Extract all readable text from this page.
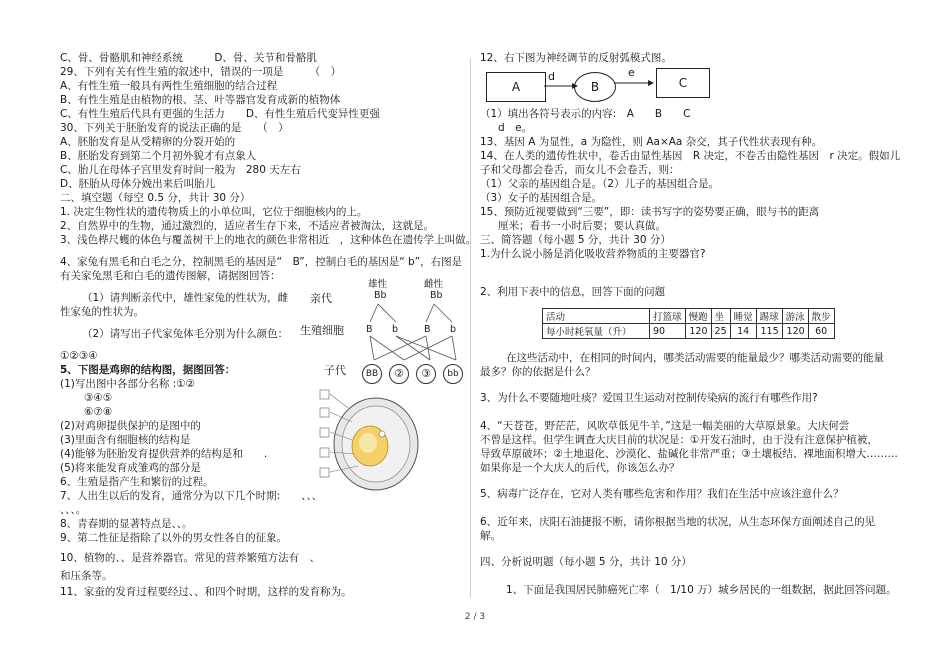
C、骨、骨骼肌和神经系统　　　D、骨、关节和骨骼肌
29、下列有关有性生殖的叙述中，错误的一项是　　　（　）
A、有性生殖一般具有两性生殖细胞的结合过程
B、有性生殖是由植物的根、茎、叶等器官发育成新的植物体
C、有性生殖后代具有更强的生活力　　D、有性生殖后代变异性更强
30、下列关于胚胎发育的说法正确的是　　（　）
A、胚胎发育是从受精卵的分裂开始的
B、胚胎发育到第二个月初外貌才有点象人
C、胎儿在母体子宫里发育时间一般为　280 天左右
D、胚胎从母体分娩出来后叫胎儿
二、填空题（每空 0.5 分，共计 30 分）
1. 决定生物性状的遗传物质上的小单位叫，它位于细胞核内的上。
2、自然界中的生物，通过激烈的，适应者生存下来，不适应者被淘汰，这就是。
3、浅色桦尺蠖的体色与覆盖树干上的地衣的颜色非常相近　，这种体色在遗传学上叫做。
4、家兔有黑毛和白毛之分，控制黑毛的基因是“　B”，控制白毛的基因是“ b”，右图是
有关家兔黑毛和白毛的遗传图解，请据图回答：
（1）请判断亲代中，雄性家兔的性状为，雌
性家兔的性状为。
（2）请写出子代家兔体毛分别为什么颜色：
①②③④
5、下图是鸡卵的结构图，据图回答：
(1)写出图中各部分名称 :①②
③④⑤
⑥⑦⑧
(2)对鸡卵提供保护的是图中的
(3)里面含有细胞核的结构是
(4)能够为胚胎发育提供营养的结构是和　　.
(5)将来能发育成雏鸡的部分是
6、生殖是指产生和繁衍的过程。
7、人出生以后的发育，通常分为以下几个时期:　　、、、
、、、。
8、青春期的显著特点是、、。
9、第二性征是指除了以外的男女性各自的征象。
10、植物的、、是营养器官。常见的营养繁殖方法有　、
和压条等。
11、家蚕的发育过程要经过、、和四个时期，这样的发育称为。
亲代
生殖细胞
子代
雄性	雌性
Bb	Bb
B b	B b
BB	②	③	bb
12、右下图为神经调节的反射弧模式图。
A	B	C
d	e
（1）填出各符号表示的内容:　A　　B　　C
d　e。
13、基因 A 为显性，a 为隐性，则 Aa×Aa 杂交，其子代性状表现有种。
14、在人类的遗传性状中，卷舌由显性基因　R 决定，不卷舌由隐性基因　r 决定。假如儿
子和父母都会卷舌，而女儿不会卷舌，则：
（1）父亲的基因组合是。（2）儿子的基因组合是。
（3）女子的基因组合是。
15、预防近视要做到“三要”，即：读书写字的姿势要正确，眼与书的距离
厘米；看书一小时后要；要认真做。
三、简答题（每小题 5 分，共计 30 分）
1.为什么说小肠是消化吸收营养物质的主要器官?
2、利用下表中的信息，回答下面的问题
活动	打篮球	慢跑	坐	睡觉	踢球	游泳	散步
每小时耗氧量（升）	90	120	25	14	115	120	60
在这些活动中，在相同的时间内，哪类活动需要的能量最少？哪类活动需要的能量
最多？你的依据是什么？
3、为什么不要随地吐痰？爱国卫生运动对控制传染病的流行有哪些作用?
4、“天苍苍，野茫茫，风吹草低见牛羊，”这是一幅美丽的大草原景象。大庆何尝
不曾是这样。但学生调查大庆目前的状况是：①开发石油时，由于没有注意保护植被，
导致草原破坏；②土地退化、沙漠化、盐碱化非常严重；③土壤板结、裸地面积增大………
如果你是一个大庆人的后代，你该怎么办？
5、病毒广泛存在，它对人类有哪些危害和作用？我们在生活中应该注意什么？
6、近年来，庆阳石油捷报不断，请你根据当地的状况，从生态环保方面阐述自己的见
解。
四、分析说明题（每小题 5 分，共计 10 分）
1、下面是我国居民肺癌死亡率（　1/10 万）城乡居民的一组数据，据此回答问题。
2 / 3
